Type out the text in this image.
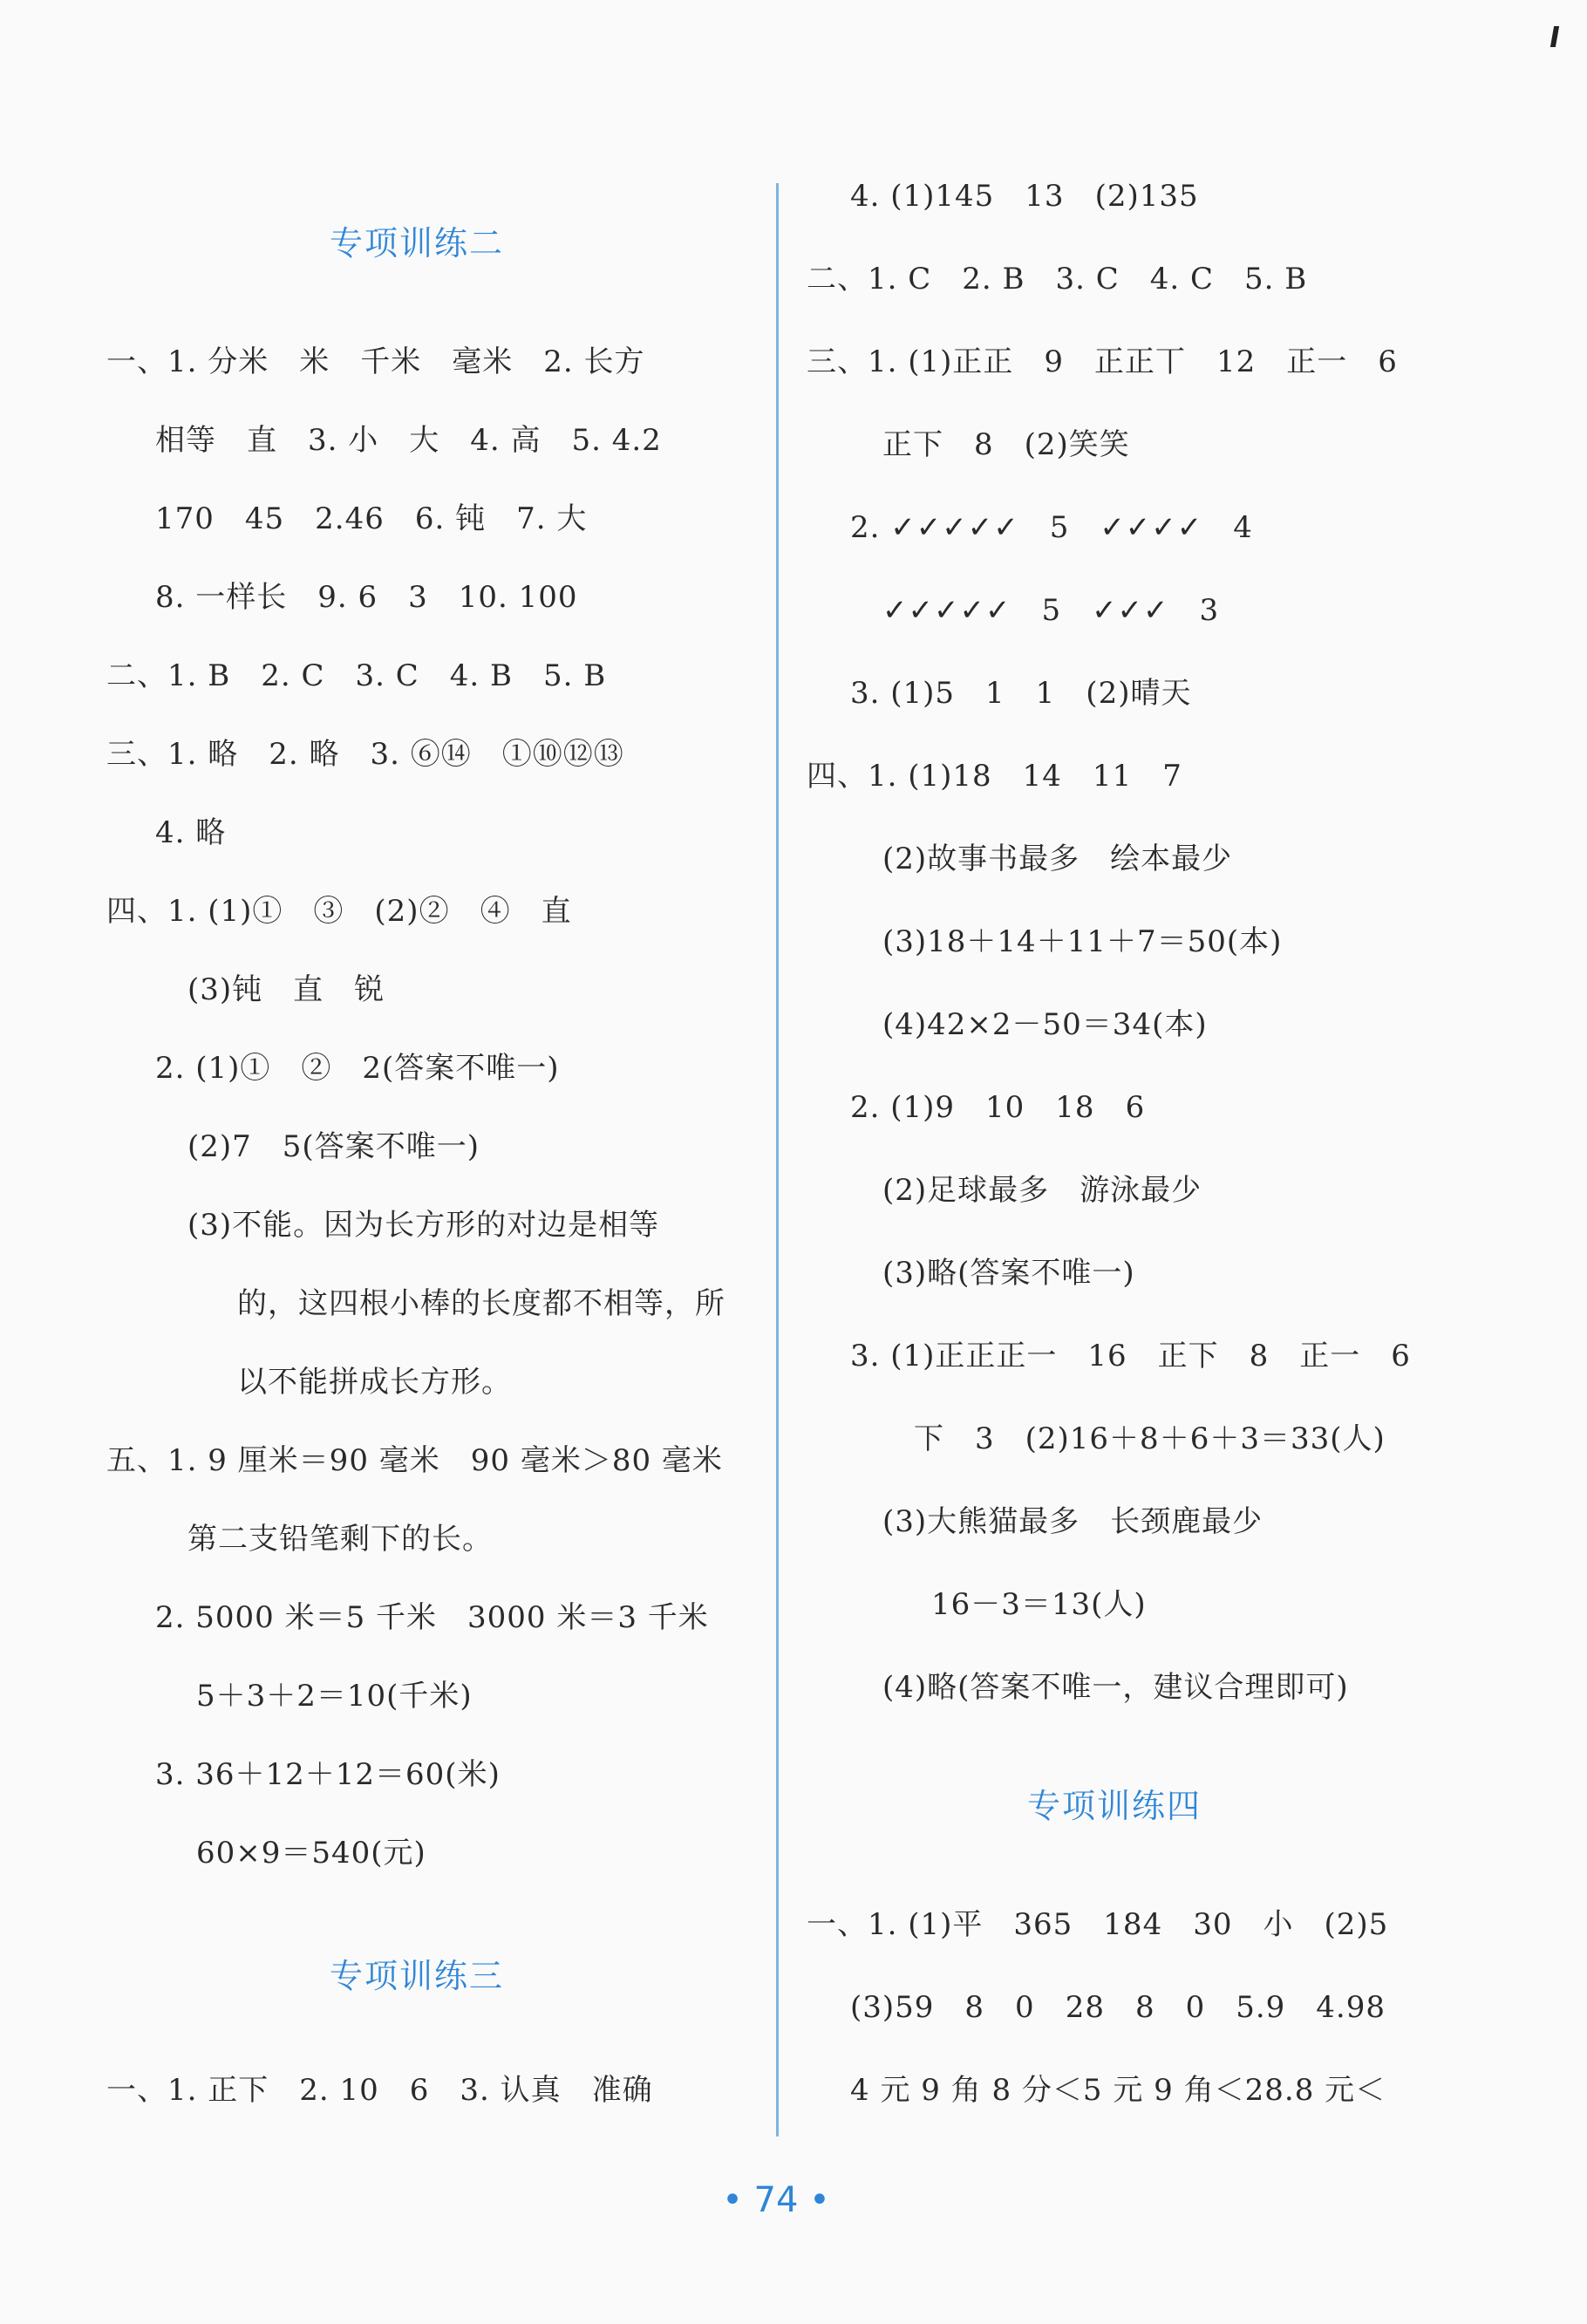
专项训练二
一、1. 分米　米　千米　毫米　2. 长方
相等　直　3. 小　大　4. 高　5. 4.2
170　45　2.46　6. 钝　7. 大
8. 一样长　9. 6　3　10. 100
二、1. B　2. C　3. C　4. B　5. B
三、1. 略　2. 略　3. ⑥⑭　①⑩⑫⑬
4. 略
四、1. (1)①　③　(2)②　④　直
(3)钝　直　锐
2. (1)①　②　2(答案不唯一)
(2)7　5(答案不唯一)
(3)不能。因为长方形的对边是相等
的，这四根小棒的长度都不相等，所
以不能拼成长方形。
五、1. 9 厘米＝90 毫米　90 毫米＞80 毫米
第二支铅笔剩下的长。
2. 5000 米＝5 千米　3000 米＝3 千米
5＋3＋2＝10(千米)
3. 36＋12＋12＝60(米)
60×9＝540(元)
专项训练三
一、1. 正下　2. 10　6　3. 认真　准确
4. (1)145　13　(2)135
二、1. C　2. B　3. C　4. C　5. B
三、1. (1)正正　9　正正丅　12　正一　6
正下　8　(2)笑笑
2. ✓✓✓✓✓　5　✓✓✓✓　4
✓✓✓✓✓　5　✓✓✓　3
3. (1)5　1　1　(2)晴天
四、1. (1)18　14　11　7
(2)故事书最多　绘本最少
(3)18＋14＋11＋7＝50(本)
(4)42×2－50＝34(本)
2. (1)9　10　18　6
(2)足球最多　游泳最少
(3)略(答案不唯一)
3. (1)正正正一　16　正下　8　正一　6
下　3　(2)16＋8＋6＋3＝33(人)
(3)大熊猫最多　长颈鹿最少
16－3＝13(人)
(4)略(答案不唯一，建议合理即可)
专项训练四
一、1. (1)平　365　184　30　小　(2)5
(3)59　8　0　28　8　0　5.9　4.98
4 元 9 角 8 分＜5 元 9 角＜28.8 元＜
• 74 •
